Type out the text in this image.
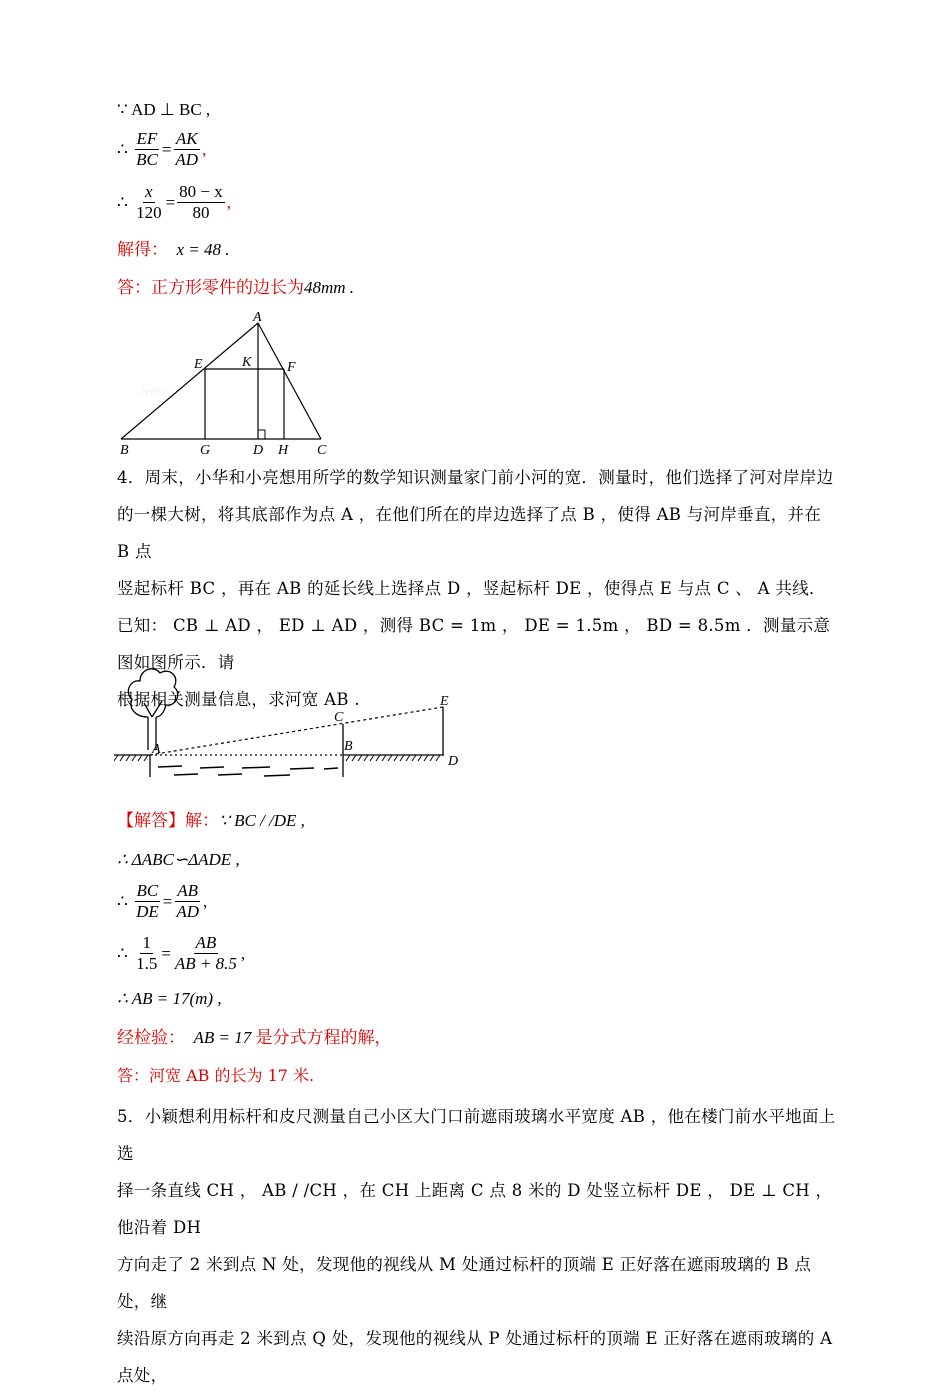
∵ AD ⊥ BC ,
∴ $\frac{EF}{BC} = \frac{AK}{AD}$ ,
∴ $\frac{x}{120} = \frac{80 - x}{80}$ ,
解得： x = 48 .
答：正方形零件的边长为48mm .
Jyeoo
A
E	K	F
B	G	D H C
4．周末，小华和小亮想用所学的数学知识测量家门前小河的宽．测量时，他们选择了河对岸岸边
的一棵大树，将其底部作为点 A ，在他们所在的岸边选择了点 B ，使得 AB 与河岸垂直，并在 B 点
竖起标杆 BC ，再在 AB 的延长线上选择点 D ，竖起标杆 DE ，使得点 E 与点 C 、 A 共线．
已知： CB ⊥ AD ， ED ⊥ AD ，测得 BC = 1m ， DE = 1.5m ， BD = 8.5m ．测量示意图如图所示．请
根据相关测量信息，求河宽 AB .
C
E
A	B
D
【解答】解：∵ BC / /DE ,
∴ ΔABC∽ΔADE ,
∴ $\frac{BC}{DE} = \frac{AB}{AD}$ ,
∴ $\frac{1}{1.5} = \frac{AB}{AB + 8.5}$ ,
∴ AB = 17(m) ,
经检验： AB = 17 是分式方程的解，
答：河宽 AB 的长为 17 米.
5．小颖想利用标杆和皮尺测量自己小区大门口前遮雨玻璃水平宽度 AB ，他在楼门前水平地面上选
择一条直线 CH ， AB / /CH ，在 CH 上距离 C 点 8 米的 D 处竖立标杆 DE ， DE ⊥ CH ，他沿着 DH
方向走了 2 米到点 N 处，发现他的视线从 M 处通过标杆的顶端 E 正好落在遮雨玻璃的 B 点处，继
续沿原方向再走 2 米到点 Q 处，发现他的视线从 P 处通过标杆的顶端 E 正好落在遮雨玻璃的 A 点处，
